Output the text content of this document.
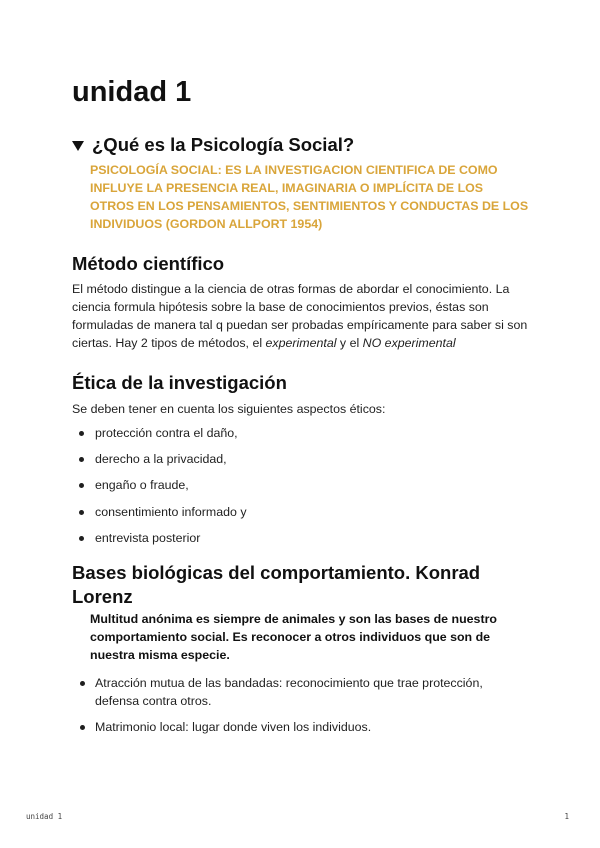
unidad 1
¿Qué es la Psicología Social?

PSICOLOGÍA SOCIAL: ES LA INVESTIGACION CIENTIFICA DE COMO INFLUYE LA PRESENCIA REAL, IMAGINARIA O IMPLÍCITA DE LOS OTROS EN LOS PENSAMIENTOS, SENTIMIENTOS Y CONDUCTAS DE LOS INDIVIDUOS (GORDON ALLPORT 1954)

Método científico

El método distingue a la ciencia de otras formas de abordar el conocimiento. La ciencia formula hipótesis sobre la base de conocimientos previos, éstas son formuladas de manera tal q puedan ser probadas empíricamente para saber si son ciertas. Hay 2 tipos de métodos, el experimental y el NO experimental

Ética de la investigación

Se deben tener en cuenta los siguientes aspectos éticos:

protección contra el daño,
derecho a la privacidad,
engaño o fraude,
consentimiento informado y
entrevista posterior
Bases biológicas del comportamiento. Konrad Lorenz

Multitud anónima es siempre de animales y son las bases de nuestro comportamiento social. Es reconocer a otros individuos que son de nuestra misma especie.

Atracción mutua de las bandadas: reconocimiento que trae protección, defensa contra otros.
Matrimonio local: lugar donde viven los individuos.
unidad 1	1
